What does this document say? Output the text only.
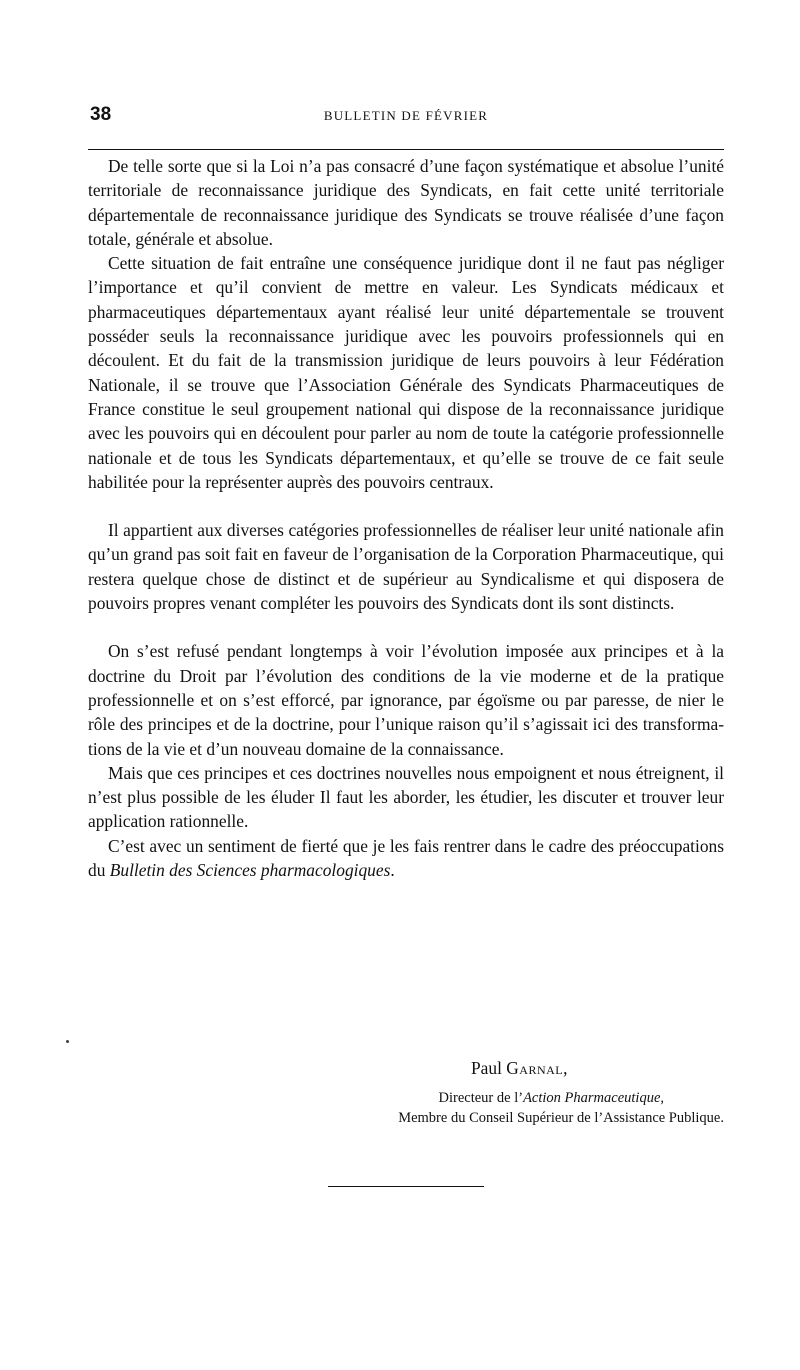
38	BULLETIN DE FÉVRIER

De telle sorte que si la Loi n’a pas consacré d’une façon systématique et absolue l’unité territoriale de reconnaissance juridique des Syndicats, en fait cette unité territoriale départementale de reconnaissance juridique des Syndicats se trouve réalisée d’une façon totale, générale et absolue.

Cette situation de fait entraîne une conséquence juridique dont il ne faut pas négliger l’importance et qu’il convient de mettre en valeur. Les Syndicats médicaux et pharmaceutiques départementaux ayant réalisé leur unité départementale se trouvent posséder seuls la reconnaissance juridique avec les pouvoirs professionnels qui en découlent. Et du fait de la transmission juridique de leurs pouvoirs à leur Fédération Nationale, il se trouve que l’Association Générale des Syndicats Pharmaceutiques de France constitue le seul groupement national qui dispose de la reconnaissance juridique avec les pouvoirs qui en découlent pour parler au nom de toute la catégorie professionnelle nationale et de tous les Syndicats départementaux, et qu’elle se trouve de ce fait seule habilitée pour la représenter auprès des pouvoirs centraux.

Il appartient aux diverses catégories professionnelles de réaliser leur unité nationale afin qu’un grand pas soit fait en faveur de l’organisation de la Corporation Pharmaceutique, qui restera quelque chose de distinct et de supérieur au Syndicalisme et qui disposera de pouvoirs propres venant compléter les pouvoirs des Syndicats dont ils sont distincts.

On s’est refusé pendant longtemps à voir l’évolution imposée aux principes et à la doctrine du Droit par l’évolution des conditions de la vie moderne et de la pratique professionnelle et on s’est efforcé, par ignorance, par égoïsme ou par paresse, de nier le rôle des principes et de la doctrine, pour l’unique raison qu’il s’agissait ici des transformations de la vie et d’un nouveau domaine de la connaissance.

Mais que ces principes et ces doctrines nouvelles nous empoignent et nous étreignent, il n’est plus possible de les éluder Il faut les aborder, les étudier, les discuter et trouver leur application rationnelle.

C’est avec un sentiment de fierté que je les fais rentrer dans le cadre des préoccupations du Bulletin des Sciences pharmacologiques.

Paul Garnal,
Directeur de l’Action Pharmaceutique,
Membre du Conseil Supérieur de l’Assistance Publique.
